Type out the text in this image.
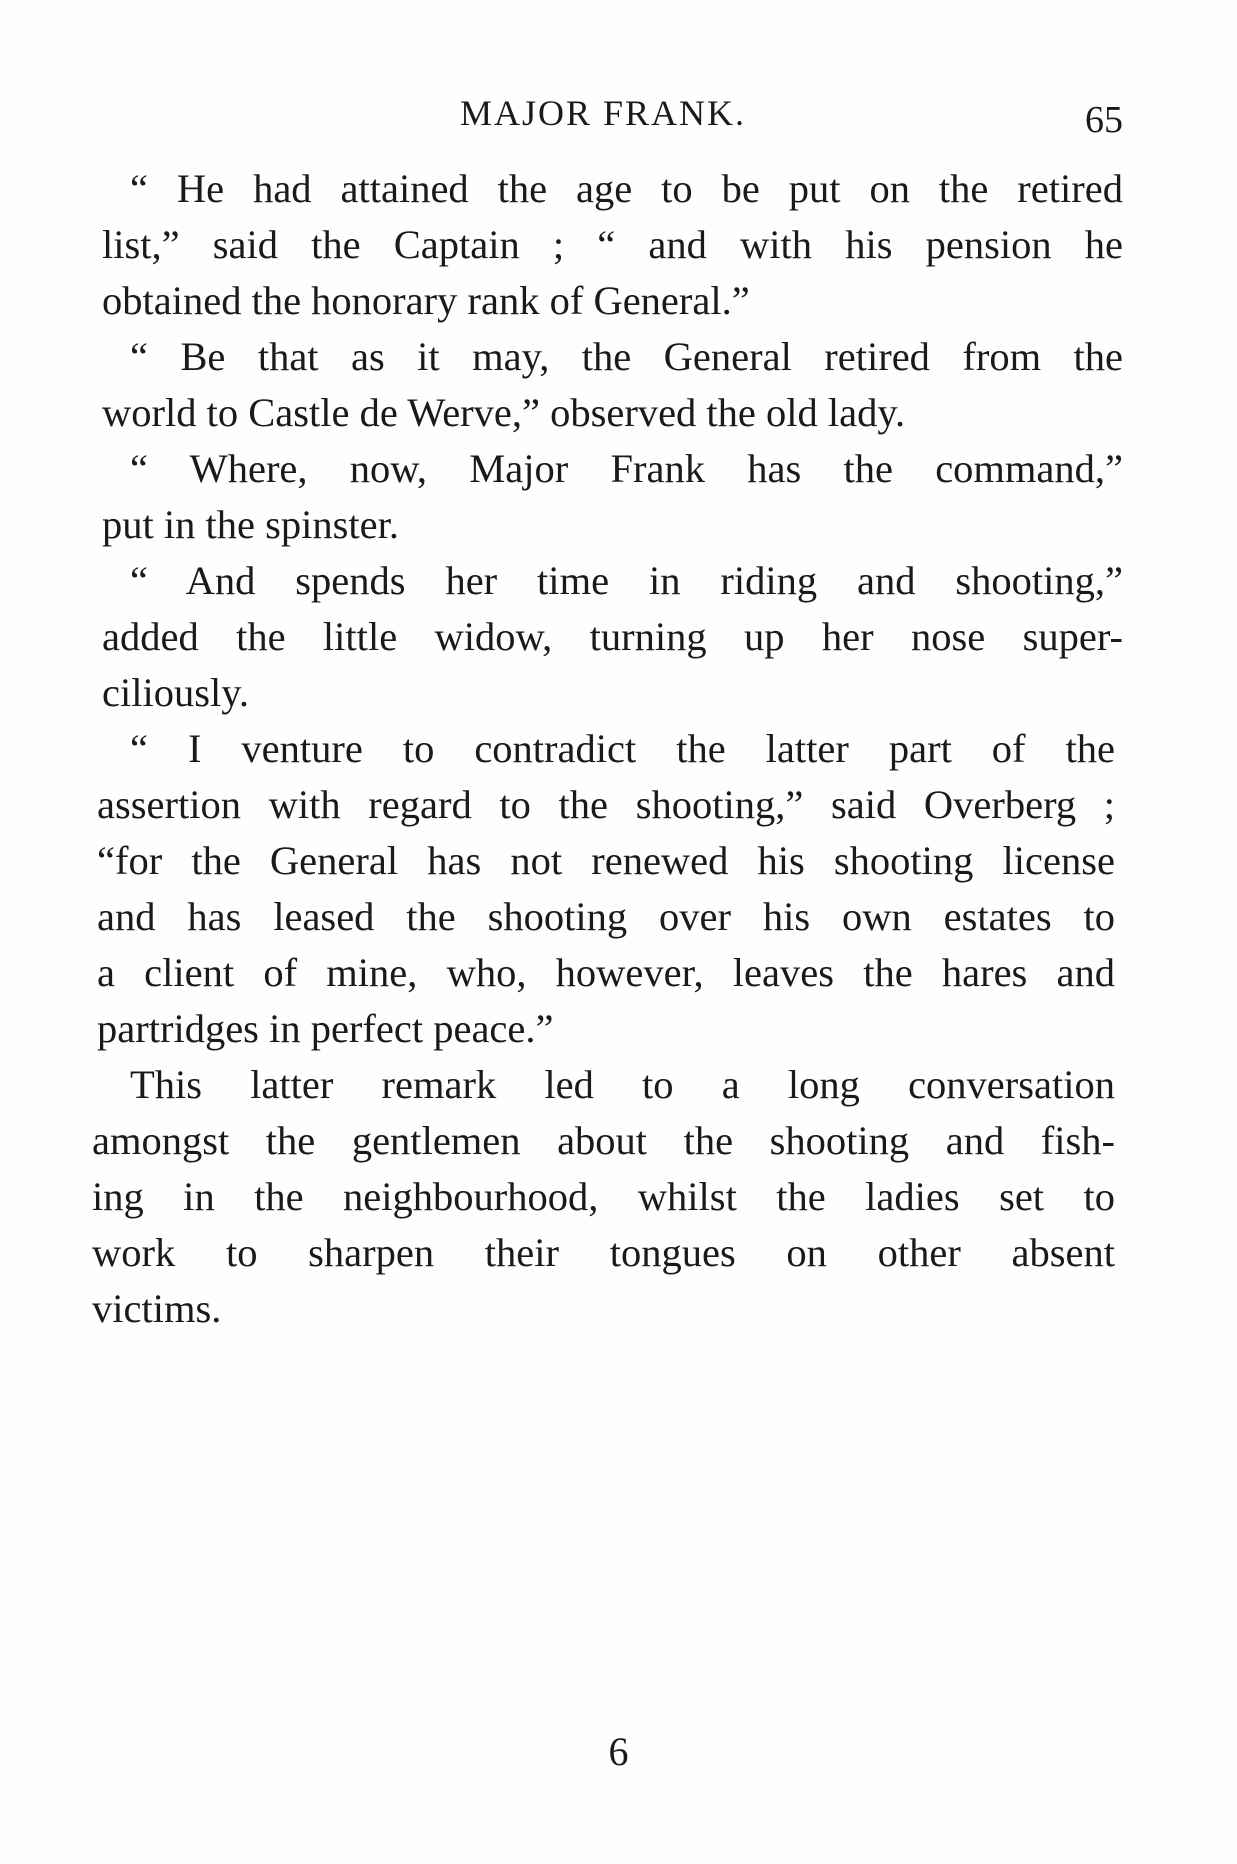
MAJOR FRANK.	65
“ He had attained the age to be put on the retired
list,” said the Captain ; “ and with his pension he
obtained the honorary rank of General.”
“ Be that as it may, the General retired from the
world to Castle de Werve,” observed the old lady.
“ Where, now, Major Frank has the command,”
put in the spinster.
“ And spends her time in riding and shooting,”
added the little widow, turning up her nose super-
ciliously.
“ I venture to contradict the latter part of the
assertion with regard to the shooting,” said Overberg ;
“for the General has not renewed his shooting license
and has leased the shooting over his own estates to
a client of mine, who, however, leaves the hares and
partridges in perfect peace.”
This latter remark led to a long conversation
amongst the gentlemen about the shooting and fish-
ing in the neighbourhood, whilst the ladies set to
work to sharpen their tongues on other absent
victims.
6
